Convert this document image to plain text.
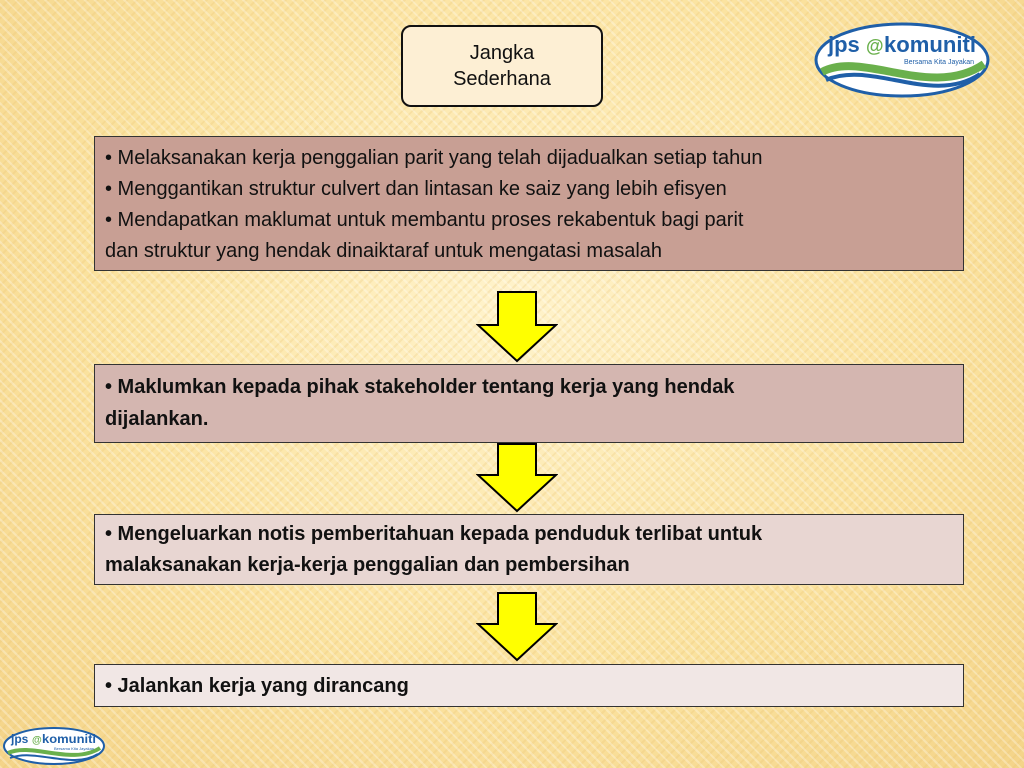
Jangka
Sederhana
jps @ komuniti
Bersama Kita Jayakan
• Melaksanakan kerja penggalian parit yang telah dijadualkan setiap tahun
• Menggantikan struktur culvert dan lintasan ke saiz yang lebih efisyen
• Mendapatkan maklumat untuk membantu proses rekabentuk bagi parit
dan struktur yang hendak dinaiktaraf untuk mengatasi masalah
• Maklumkan kepada pihak stakeholder tentang kerja yang hendak
dijalankan.
• Mengeluarkan notis pemberitahuan kepada penduduk terlibat untuk
malaksanakan kerja-kerja penggalian dan pembersihan
• Jalankan kerja yang dirancang
jps @ komuniti
Bersama Kita Jayakan
